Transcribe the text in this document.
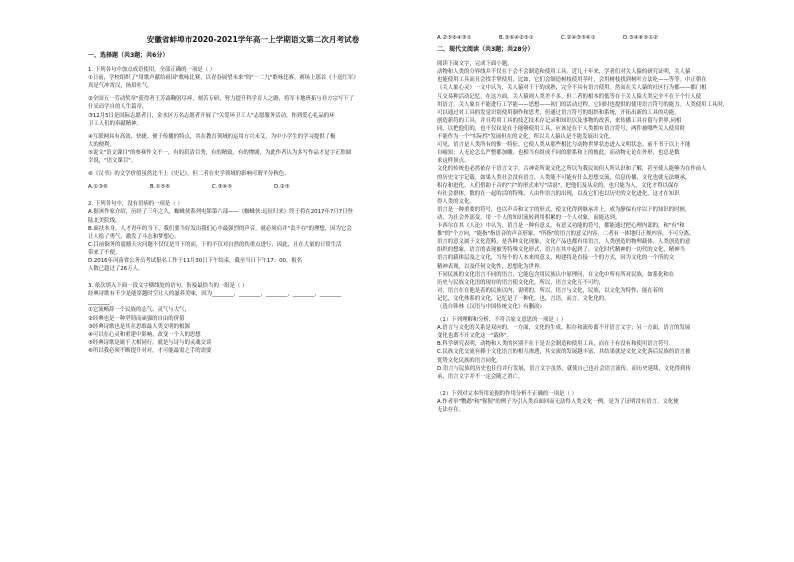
安徽省蚌埠市2020-2021学年高一上学期语文第二次月考试卷
一、选择题（共3题；共6分）
1. 下列各句中加点成语使用，全部正确的一项是（ ）
①日前，学校组织了"用歌声献给祖国"歌咏比赛，以青春展望未来"的"一二九"歌咏比赛。赛场上那首《十送红军》
真是气冲霄汉，扬眉吐气。
②全国五一劳动奖章"获得者王芳森鞠躬尽瘁，刻苦专研，努力提升科学育人之路，将军卡地班拓与非方宗写下了
什采而学自的人生篇章。
③12月5日是国际志愿者日，金水区万名志愿者开展了"关爱环卫工人"志愿服务活动，你到爱心礼品的环
卫工人们的奉献精神。
④互联网具有高效、快捷、便于传播的特点，其在教育领域的运用方兴未艾，为中小学生的学习提供了极
大的便利。
⑤说文"语文课目"的参赛作文不一，有的眉清目秀，有的精致，有的惨剧，为此作者认为多写作品才是字正腔圆
幸说，"语文课目"。
⑥《汉书》的文学价值虽然比不上《史记》，但二者在史学领域的影响可谓平分秋色。
A.①③⑥	B.①⑤⑥	C.③④⑤	D.②⑤
2. 下列各句中，没有语病的一项是（ ）
A.据该作家介绍，历经了三年之久，蜘蛛侠系列电影第六部——《蜘蛛侠:远征归来》终于将在2017年7月7日登
陆北美院线。
B.面扶本身，人才青年的当下，我们要当好发出我们心中最强烈的声音，就必须肩并"责不存"的理想，因为它会
让人绘了勇气，激发了斗志和梦想心。
C.目前铜务的震撼天灾问题不仅仅是当下的而，下的不仅对自然的伤重点进行，因此，且在大量的日常生活
带来了不便。
D.2016年河南省公务员考试报名工作于11月30日下午结束，截至当日下午17：00，报名
人数已超过了26万人。
3. 依次填入下面一段文字横线处的语句，衔接最恰当的一组是（ ）
经典诗歌有不少是能穿越时空让人的滋养美味，因为________，________，________，________，________
________。
①它流畅辞一个民族的志气、灵气与大气，
②经典也是一种坚韧而顽强的自由的价值
③经典诗歌也是其在思维最人类文明的根源
④可以在心灵和重建中影响，改变一个人的思想
⑤经典诗歌是属于大相同行，就是与诗与的灵魂交谈
⑥所以我必须不断提升对对，才可能最需之手的需要
A.②⑤⑥④③①	B.③⑥④②⑤①	C.②④③⑤⑥①	D.③④⑥⑤①②
二、现代文阅读（共3题；共28分）
阅读下面文字，完成下面小题。
动物和人类的分界线并不仅在于会不会制造和使用工具。近几十年来，学者们对关人猿的研究证明，关人猿
也能使用工具而且会找手掌使用，比如，它们会制造树枝使用茎叶，会用树枝找到树叶方法吃——等等。中正朝在
《关人象心灵》一文中认为，关人猿对于于的成熟，完全不具有语言使用。然而在关人猿的社区行为都——都门相
互交易种活动记忆。在这方面，关人猿则人类差不多，但二者的根本的低等在于关人猿大类完全不在于个行人使
用语言。关人象在不能进行工学能——思想——初门的活动过程。它同时也提供的使用语言符号的能力。人类使用工具时，
可以通过对工具的发觉识别使用制作和思考，但通过语言符号的组织和系统，开拓出新的工具的功能，
创造新符的工具，并且将用工具的技艺技术存记录和知识以及事物的改善，来传播工具存留与世界,同相
同，以把他们的，也不仅仅是在于能够使用工具，应该是在于人类拥有语言符号，两件被哪些关人使用时
不能作为一个"实际性"发展但在的文化，所以关人猿认是不能发展出文化。
可见，语言是人类所有的惟一特征。它使人类从那些相比与动物世界状态进入文明状态。前不书于以上不能
自喻知：人无论怎么严整都加雕，也相当有组成不同的联系和上的彼此，而动物无论在外形，也总是数
求这样顶点。
文化的传统也必然依存于语言文字。古神奇所说文化之所以为我民间但人所认识和了解，甚至使人能够为在作前人
的历史文字记载。如果人类社会没有语言，人类能不可能有什么思想交流，信息传播，文化也就无法继承，
积存和进化。人们借助于音的"字"的形式来写"话说"，把他们及从众的，也只能为人，文化才得以保存
有社会群体，数的在一起的活的特殊，人由作语言的出现，以及它们也以历史的文化进化，这才在知识
得人类的文化。
语言是一种重要的符号，也以声音和文字的形式，使文化得到继承并上，成为静保有序以下的知识的时候，
动，为社会外部变，用一个人的知识流转到用积累的一个人对象，而能达到。
卡西尔在其《人论》中认为，语言是一种有意义，有意义功能的符号，都能通过把心理内部的，和"有"和
惟"的"个方向，"能指"指语音的声音形象，"所指"的语言的意义内容，二者有一体地归正规内容，不可分离。
语言的意义属于文化范畴，是各种文化现象，文化产品也都有用语言，人类创造的物理载体，人类创造的意
组织的想象，语言的表现被等特殊文化形式，语言在其中起到了，文化时代精神的一切代的文化，精神当
语言的载体层及之文化，当每个的人本来的意义，构建将是直接一个的方式，因为文化的一个所的文
精神表现，以及任何文化性，思想化为世界。
不同民族的文化语言不同的语言，它能包含用民族认中原理问，在文化中所有所对民族，如系化和在
历史与民族文化语的现存的语言使文化化，所以，语言文化互不可约，
对，语言在在他是着的民族以内，说明的，所以，语言与文化，民族，以文化为特性，能在着的
记忆，文化体系的文化，记忆是了一种化，也，言语，而言，文化化的。
（选自韩林《汉语与中国传统文化》有删改）
（1）下列理解和分析，不符合原文意思的一项是（ ）
A.语言与文化的关系是双向的，一方面，文化的生成、积存和流传离不开语言文字；另一方面，语言的发展
变化也离不开文化这一"载体"。
B.科学研究表明，动物和人类的区别不在于是否会制造和使用工具，而在于有没有和使用语言符号。
C.民族文化交流有赖于文化语言的相互渗透，其交流的发展越丰富，其结果就是文化文化落后民族的语言被
优势文化民族的语言同化。
D.语言与民族的历史也往往并行发展，语言文字虽然，就使自己也社会语言流传，而历史延续，文化得到传
承，语言文字并不一定会随之消亡。
（2）下列对文本所用论据的作用分析不正确的一项是（ ）
A.作者举"鹦鹉"和"猩猩"的例子为引入类首面回而无法得人类文化一例，是为了证明没有语言，文化便
无法存在。
